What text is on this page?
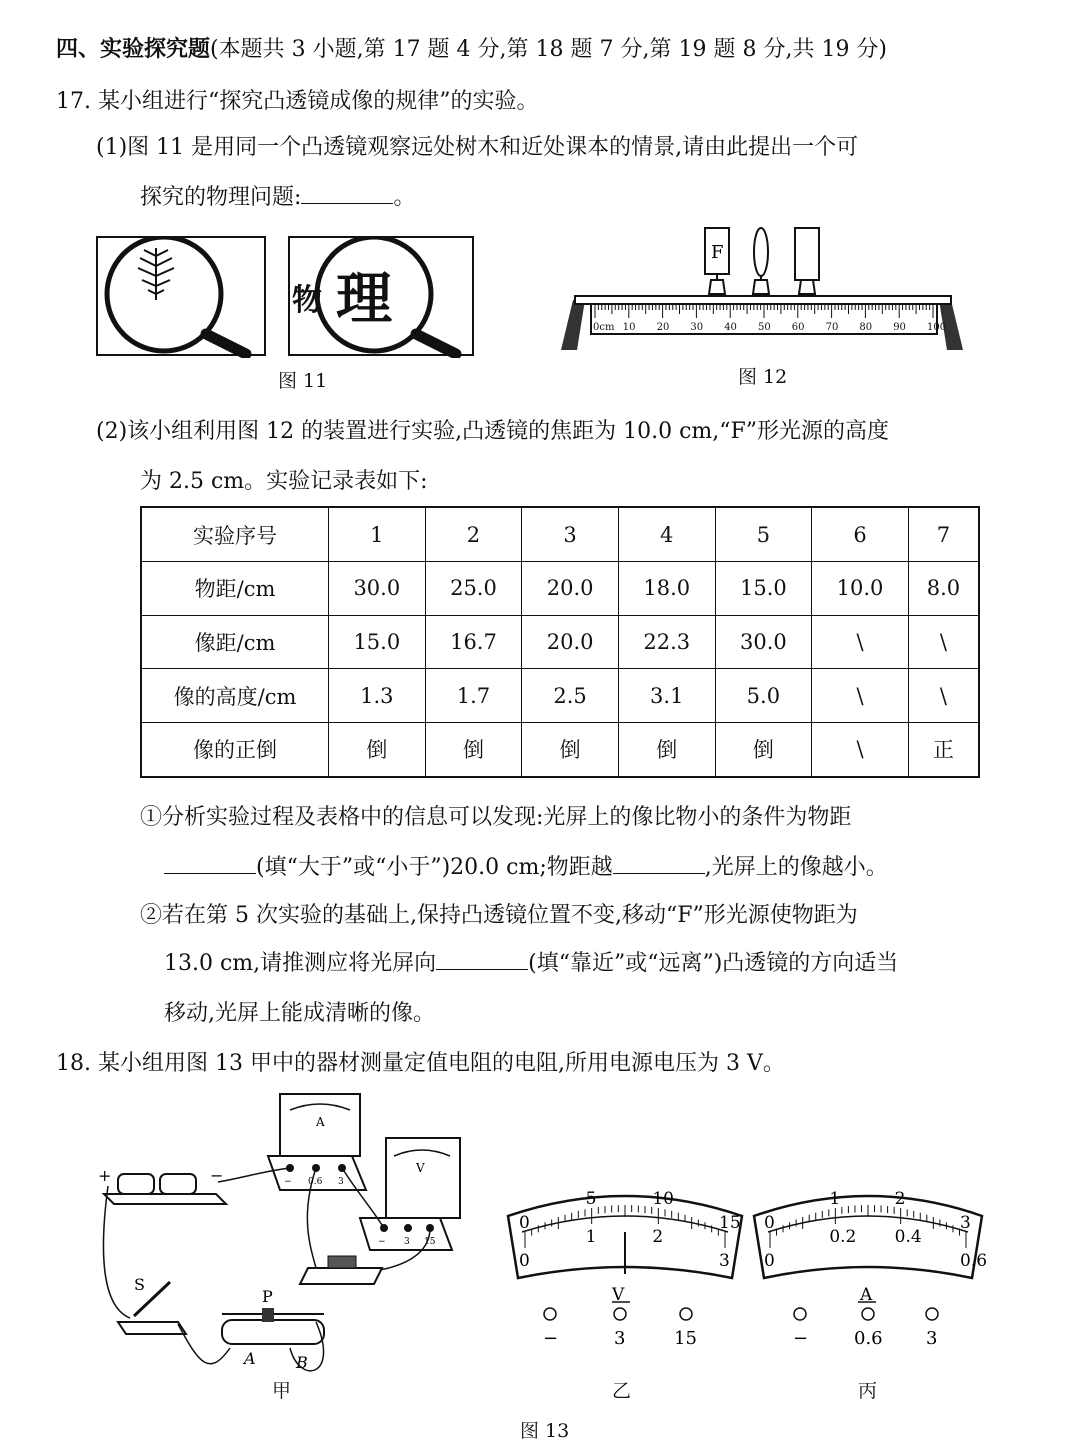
四、实验探究题(本题共 3 小题,第 17 题 4 分,第 18 题 7 分,第 19 题 8 分,共 19 分)
17. 某小组进行“探究凸透镜成像的规律”的实验。
(1)图 11 是用同一个凸透镜观察远处树木和近处课本的情景,请由此提出一个可
探究的物理问题:	。
物 理
图 11
F
0cm 10 20 30 40 50 60 70 80 90 100
图 12
(2)该小组利用图 12 的装置进行实验,凸透镜的焦距为 10.0 cm,“F”形光源的高度
为 2.5 cm。实验记录表如下:
实验序号	1	2	3	4	5	6	7
物距/cm	30.0	25.0	20.0	18.0	15.0	10.0	8.0
像距/cm	15.0	16.7	20.0	22.3	30.0	\	\
像的高度/cm	1.3	1.7	2.5	3.1	5.0	\	\
像的正倒	倒	倒	倒	倒	倒	\	正
①分析实验过程及表格中的信息可以发现:光屏上的像比物小的条件为物距
(填“大于”或“小于”)20.0 cm;物距越	,光屏上的像越小。
②若在第 5 次实验的基础上,保持凸透镜位置不变,移动“F”形光源使物距为
13.0 cm,请推测应将光屏向	(填“靠近”或“远离”)凸透镜的方向适当
移动,光屏上能成清晰的像。
18. 某小组用图 13 甲中的器材测量定值电阻的电阻,所用电源电压为 3 V。
+	−
A
− 0.6 3
V
− 3 15
S
P
A	B
0
5	10
15
0
1	2
3
V
−	3	15
0
1	2
3
0
0.2 0.4
0.6
A
−	0.6 3
甲	乙	丙
图 13
